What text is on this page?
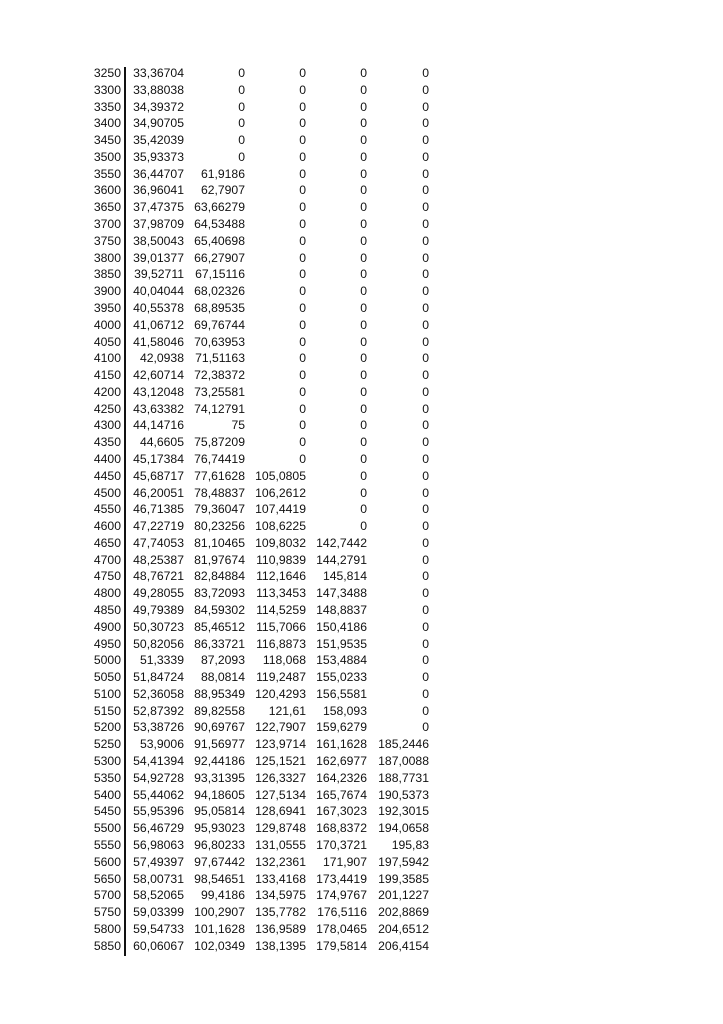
3250 33,36704	0	0	0	0
3300 33,88038	0	0	0	0
3350 34,39372	0	0	0	0
3400 34,90705	0	0	0	0
3450 35,42039	0	0	0	0
3500 35,93373	0	0	0	0
3550 36,44707	61,9186	0	0	0
3600 36,96041	62,7907	0	0	0
3650 37,47375 63,66279	0	0	0
3700 37,98709 64,53488	0	0	0
3750 38,50043 65,40698	0	0	0
3800 39,01377 66,27907	0	0	0
3850	39,52711 67,15116	0	0	0
3900 40,04044 68,02326	0	0	0
3950 40,55378 68,89535	0	0	0
4000 41,06712 69,76744	0	0	0
4050 41,58046 70,63953	0	0	0
4100	42,0938 71,51163	0	0	0
4150 42,60714 72,38372	0	0	0
4200 43,12048 73,25581	0	0	0
4250 43,63382 74,12791	0	0	0
4300 44,14716	75	0	0	0
4350	44,6605 75,87209	0	0	0
4400 45,17384 76,74419	0	0	0
4450 45,68717 77,61628 105,0805	0	0
4500 46,20051 78,48837 106,2612	0	0
4550 46,71385 79,36047 107,4419	0	0
4600 47,22719 80,23256 108,6225	0	0
4650 47,74053 81,10465 109,8032 142,7442	0
4700 48,25387 81,97674 110,9839 144,2791	0
4750 48,76721 82,84884 112,1646	145,814	0
4800 49,28055 83,72093 113,3453 147,3488	0
4850 49,79389 84,59302 114,5259 148,8837	0
4900 50,30723 85,46512 115,7066 150,4186	0
4950 50,82056 86,33721 116,8873 151,9535	0
5000	51,3339	87,2093	118,068 153,4884	0
5050 51,84724	88,0814 119,2487 155,0233	0
5100 52,36058 88,95349 120,4293 156,5581	0
5150 52,87392 89,82558	121,61	158,093	0
5200 53,38726 90,69767 122,7907 159,6279	0
5250	53,9006 91,56977 123,9714 161,1628 185,2446
5300 54,41394 92,44186 125,1521 162,6977 187,0088
5350 54,92728 93,31395 126,3327 164,2326 188,7731
5400 55,44062 94,18605 127,5134 165,7674 190,5373
5450 55,95396 95,05814 128,6941 167,3023 192,3015
5500 56,46729 95,93023 129,8748 168,8372 194,0658
5550 56,98063 96,80233 131,0555 170,3721	195,83
5600 57,49397 97,67442 132,2361	171,907 197,5942
5650 58,00731 98,54651 133,4168 173,4419 199,3585
5700 58,52065	99,4186 134,5975 174,9767 201,1227
5750 59,03399 100,2907 135,7782 176,5116 202,8869
5800 59,54733 101,1628 136,9589 178,0465 204,6512
5850 60,06067 102,0349 138,1395 179,5814 206,4154
